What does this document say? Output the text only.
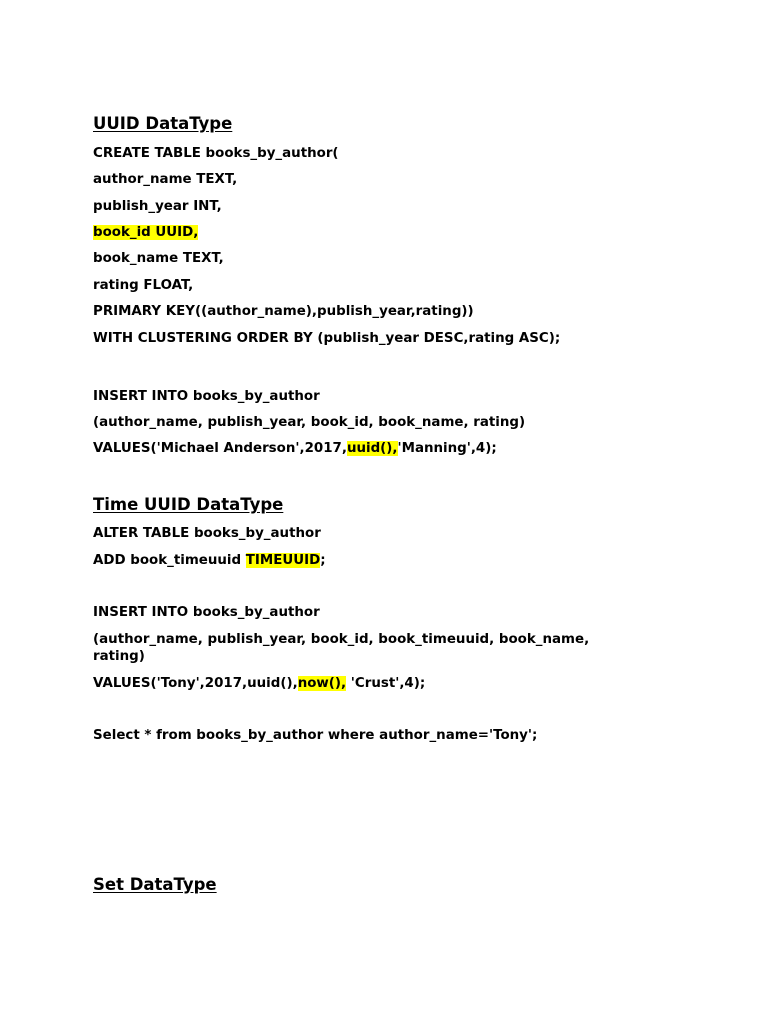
UUID DataType
CREATE TABLE books_by_author(
author_name TEXT,
publish_year INT,
book_id UUID,
book_name TEXT,
rating FLOAT,
PRIMARY KEY((author_name),publish_year,rating))
WITH CLUSTERING ORDER BY (publish_year DESC,rating ASC);
INSERT INTO books_by_author
(author_name, publish_year, book_id, book_name, rating)
VALUES('Michael Anderson',2017,uuid(),'Manning',4);
Time UUID DataType
ALTER TABLE books_by_author
ADD book_timeuuid TIMEUUID;
INSERT INTO books_by_author
(author_name, publish_year, book_id, book_timeuuid, book_name,
rating)
VALUES('Tony',2017,uuid(),now(), 'Crust',4);
Select * from books_by_author where author_name='Tony';
Set DataType
